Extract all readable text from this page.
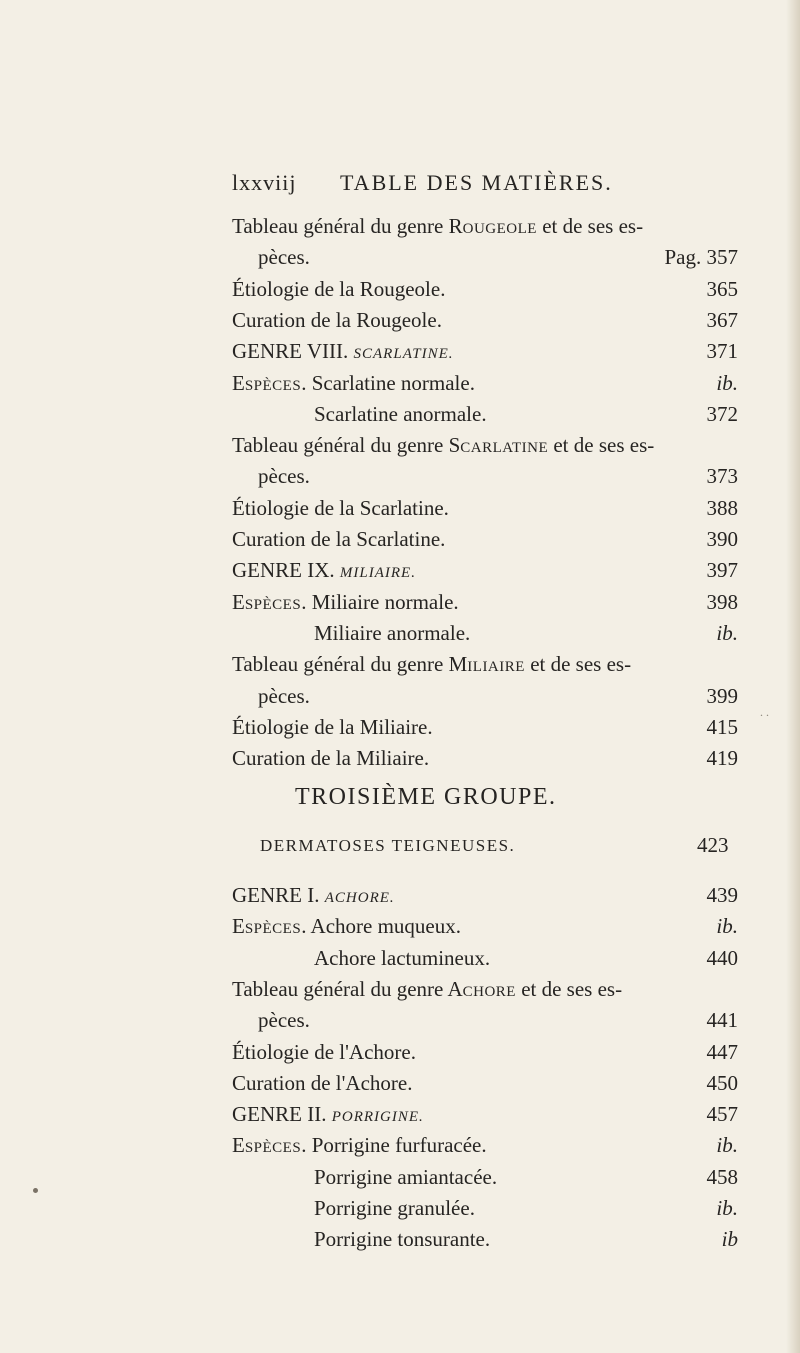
lxxviij TABLE DES MATIÈRES.
Tableau général du genre ROUGEOLE et de ses es-
pèces.	Pag. 357
Étiologie de la Rougeole.	365
Curation de la Rougeole.	367
GENRE VIII. SCARLATINE.	371
ESPÈCES. Scarlatine normale.	ib.
Scarlatine anormale.	372
Tableau général du genre SCARLATINE et de ses es-
pèces.	373
Étiologie de la Scarlatine.	388
Curation de la Scarlatine.	390
GENRE IX. MILIAIRE.	397
ESPÈCES. Miliaire normale.	398
Miliaire anormale.	ib.
Tableau général du genre MILIAIRE et de ses es-
pèces.	399
Étiologie de la Miliaire.	415
Curation de la Miliaire.	419
GENRE I. ACHORE.	439
ESPÈCES. Achore muqueux.	ib.
Achore lactumineux.	440
Tableau général du genre ACHORE et de ses es-
pèces.	441
Étiologie de l'Achore.	447
Curation de l'Achore.	450
GENRE II. PORRIGINE.	457
ESPÈCES. Porrigine furfuracée.	ib.
Porrigine amiantacée.	458
Porrigine granulée.	ib.
Porrigine tonsurante.	ib
TROISIÈME GROUPE.
DERMATOSES TEIGNEUSES.	423
. .
